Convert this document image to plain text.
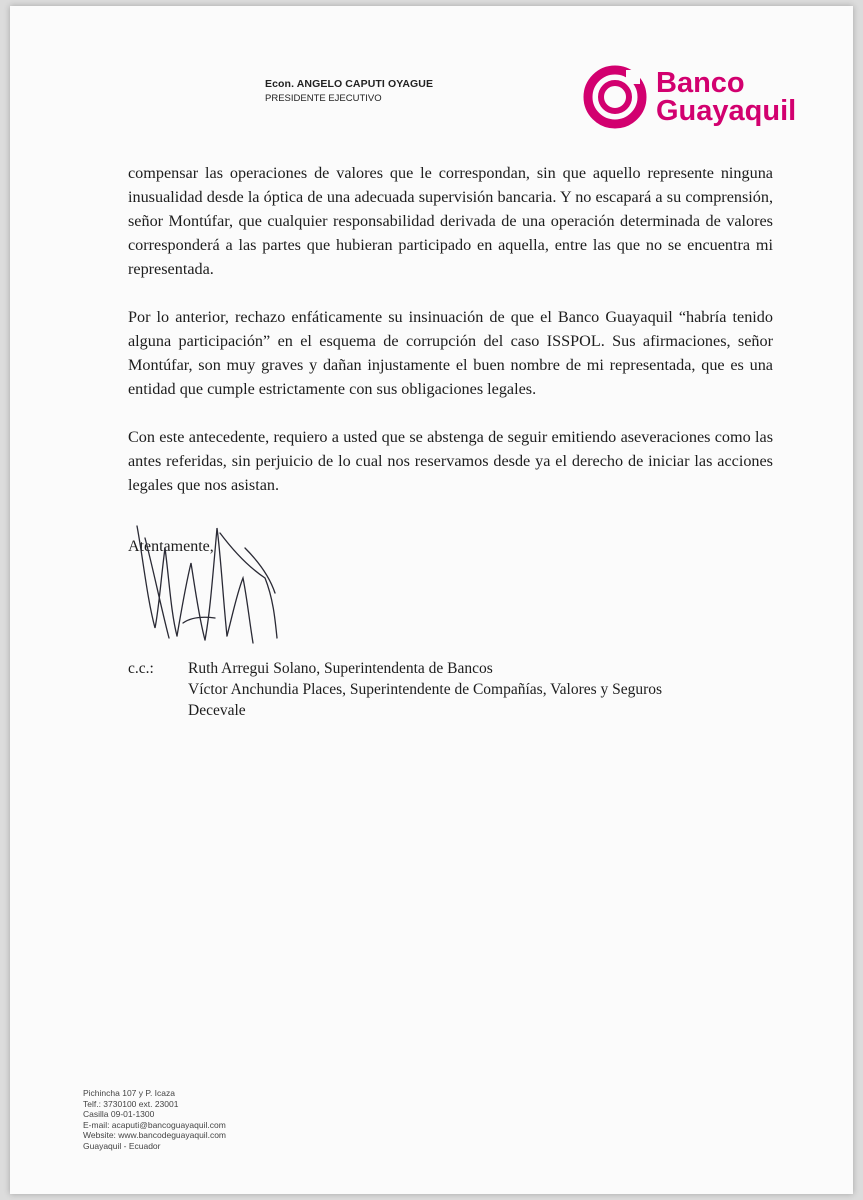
Econ. ANGELO CAPUTI OYAGUE
PRESIDENTE EJECUTIVO	Banco
Guayaquil

compensar las operaciones de valores que le correspondan, sin que aquello represente ninguna inusualidad desde la óptica de una adecuada supervisión bancaria. Y no escapará a su comprensión, señor Montúfar, que cualquier responsabilidad derivada de una operación determinada de valores corresponderá a las partes que hubieran participado en aquella, entre las que no se encuentra mi representada.

Por lo anterior, rechazo enfáticamente su insinuación de que el Banco Guayaquil “habría tenido alguna participación” en el esquema de corrupción del caso ISSPOL. Sus afirmaciones, señor Montúfar, son muy graves y dañan injustamente el buen nombre de mi representada, que es una entidad que cumple estrictamente con sus obligaciones legales.

Con este antecedente, requiero a usted que se abstenga de seguir emitiendo aseveraciones como las antes referidas, sin perjuicio de lo cual nos reservamos desde ya el derecho de iniciar las acciones legales que nos asistan.

Atentamente,
c.c.:	Ruth Arregui Solano, Superintendenta de Bancos
Víctor Anchundia Places, Superintendente de Compañías, Valores y Seguros
Decevale
Pichincha 107 y P. Icaza
Telf.: 3730100 ext. 23001
Casilla 09-01-1300
E-mail: acaputi@bancoguayaquil.com
Website: www.bancodeguayaquil.com
Guayaquil - Ecuador
